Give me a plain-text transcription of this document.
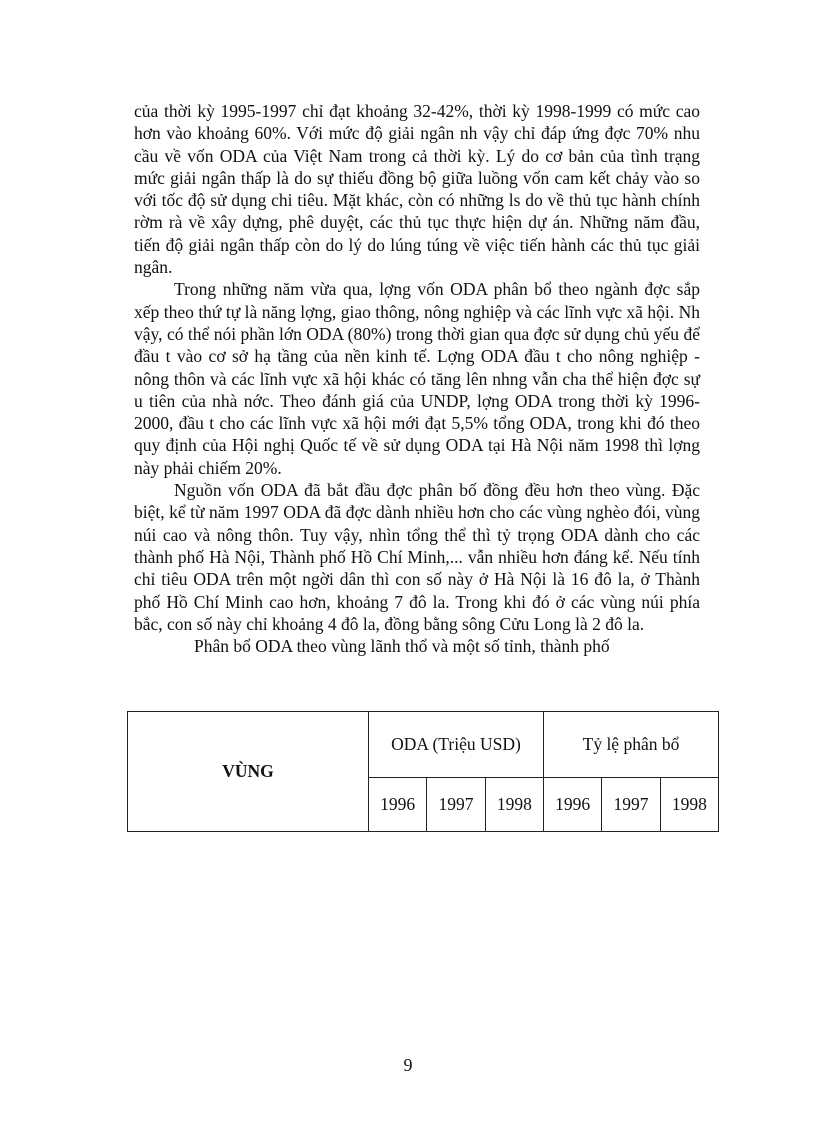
của thời kỳ 1995-1997 chỉ đạt khoảng 32-42%, thời kỳ 1998-1999 có mức cao hơn vào khoảng 60%. Với mức độ giải ngân nh vậy chỉ đáp ứng đợc 70% nhu cầu về vốn ODA của Việt Nam trong cả thời kỳ. Lý do cơ bản của tình trạng mức giải ngân thấp là do sự thiếu đồng bộ giữa luồng vốn cam kết chảy vào so với tốc độ sử dụng chi tiêu. Mặt khác, còn có những ls do về thủ tục hành chính rờm rà về xây dựng, phê duyệt, các thủ tục thực hiện dự án. Những năm đầu, tiến độ giải ngân thấp còn do lý do lúng túng về việc tiến hành các thủ tục giải ngân.

Trong những năm vừa qua, lợng vốn ODA phân bổ theo ngành đợc sắp xếp theo thứ tự là năng lợng, giao thông, nông nghiệp và các lĩnh vực xã hội. Nh vậy, có thể nói phần lớn ODA (80%) trong thời gian qua đợc sử dụng chủ yếu để đầu t vào cơ sở hạ tầng của nền kinh tế. Lợng ODA đầu t cho nông nghiệp - nông thôn và các lĩnh vực xã hội khác có tăng lên nhng vẫn cha thể hiện đợc sự u tiên của nhà nớc. Theo đánh giá của UNDP, lợng ODA trong thời kỳ 1996-2000, đầu t cho các lĩnh vực xã hội mới đạt 5,5% tổng ODA, trong khi đó theo quy định của Hội nghị Quốc tế về sử dụng ODA tại Hà Nội năm 1998 thì lợng này phải chiếm 20%.

Nguồn vốn ODA đã bắt đầu đợc phân bố đồng đều hơn theo vùng. Đặc biệt, kể từ năm 1997 ODA đã đợc dành nhiều hơn cho các vùng nghèo đói, vùng núi cao và nông thôn. Tuy vậy, nhìn tổng thể thì tỷ trọng ODA dành cho các thành phố Hà Nội, Thành phố Hồ Chí Minh,... vẫn nhiều hơn đáng kể. Nếu tính chỉ tiêu ODA trên một ngời dân thì con số này ở Hà Nội là 16 đô la, ở Thành phố Hồ Chí Minh cao hơn, khoảng 7 đô la. Trong khi đó ở các vùng núi phía bắc, con số này chỉ khoảng 4 đô la, đồng bằng sông Cửu Long là 2 đô la.

Phân bổ ODA theo vùng lãnh thổ và một số tỉnh, thành phố

VÙNG	ODA (Triệu USD)			Tỷ lệ phân bổ		
	1996	1997	1998	1996	1997	1998
9
